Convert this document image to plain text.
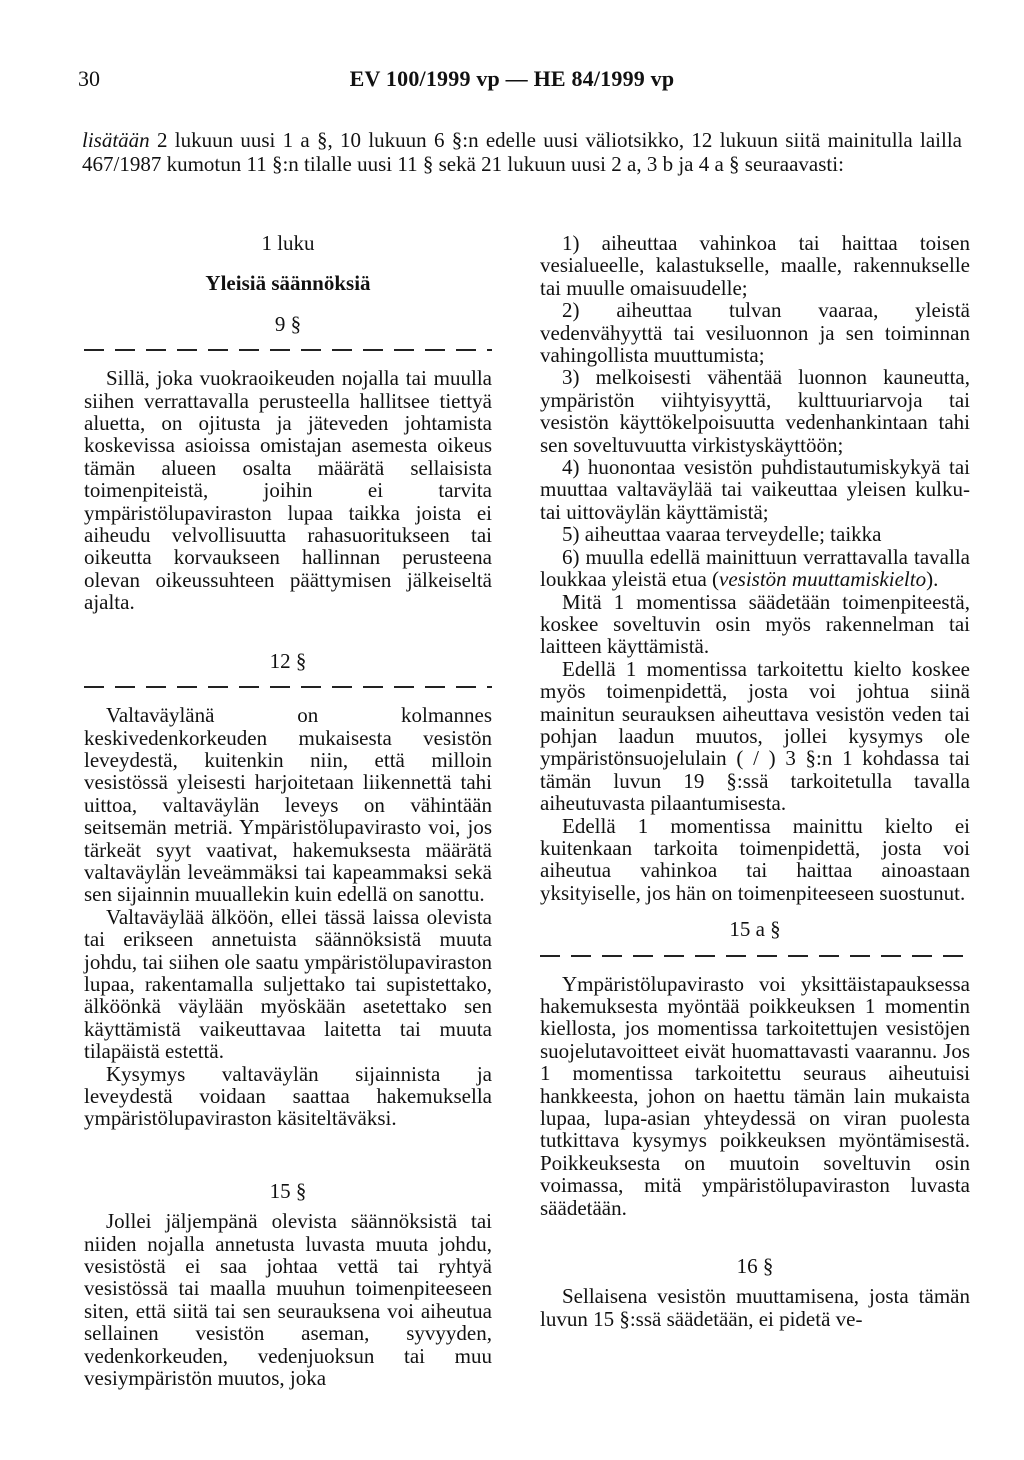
30	EV 100/1999 vp — HE 84/1999 vp
lisätään 2 lukuun uusi 1 a §, 10 lukuun 6 §:n edelle uusi väliotsikko, 12 lukuun siitä mainitulla lailla 467/1987 kumotun 11 §:n tilalle uusi 11 § sekä 21 lukuun uusi 2 a, 3 b ja 4 a § seuraavasti:
1 luku
Yleisiä säännöksiä
9 §

Sillä, joka vuokraoikeuden nojalla tai muulla siihen verrattavalla perusteella hallitsee tiettyä aluetta, on ojitusta ja jäteveden johtamista koskevissa asioissa omistajan asemesta oikeus tämän alueen osalta määrätä sellaisista toimenpiteistä, joihin ei tarvita ympäristölupaviraston lupaa taikka joista ei aiheudu velvollisuutta rahasuoritukseen tai oikeutta korvaukseen hallinnan perusteena olevan oikeussuhteen päättymisen jälkeiseltä ajalta.

12 §

Valtaväylänä on kolmannes keskivedenkorkeuden mukaisesta vesistön leveydestä, kuitenkin niin, että milloin vesistössä yleisesti harjoitetaan liikennettä tahi uittoa, valtaväylän leveys on vähintään seitsemän metriä. Ympäristölupavirasto voi, jos tärkeät syyt vaativat, hakemuksesta määrätä valtaväylän leveämmäksi tai kapeammaksi sekä sen sijainnin muuallekin kuin edellä on sanottu.

Valtaväylää älköön, ellei tässä laissa olevista tai erikseen annetuista säännöksistä muuta johdu, tai siihen ole saatu ympäristölupaviraston lupaa, rakentamalla suljettako tai supistettako, älköönkä väylään myöskään asetettako sen käyttämistä vaikeuttavaa laitetta tai muuta tilapäistä estettä.

Kysymys valtaväylän sijainnista ja leveydestä voidaan saattaa hakemuksella ympäristölupaviraston käsiteltäväksi.

15 §

Jollei jäljempänä olevista säännöksistä tai niiden nojalla annetusta luvasta muuta johdu, vesistöstä ei saa johtaa vettä tai ryhtyä vesistössä tai maalla muuhun toimenpiteeseen siten, että siitä tai sen seurauksena voi aiheutua sellainen vesistön aseman, syvyyden, vedenkorkeuden, vedenjuoksun tai muu vesiympäristön muutos, joka

1) aiheuttaa vahinkoa tai haittaa toisen vesialueelle, kalastukselle, maalle, rakennukselle tai muulle omaisuudelle;

2) aiheuttaa tulvan vaaraa, yleistä vedenvähyyttä tai vesiluonnon ja sen toiminnan vahingollista muuttumista;

3) melkoisesti vähentää luonnon kauneutta, ympäristön viihtyisyyttä, kulttuuriarvoja tai vesistön käyttökelpoisuutta vedenhankintaan tahi sen soveltuvuutta virkistyskäyttöön;

4) huonontaa vesistön puhdistautumiskykyä tai muuttaa valtaväylää tai vaikeuttaa yleisen kulku- tai uittoväylän käyttämistä;

5) aiheuttaa vaaraa terveydelle; taikka

6) muulla edellä mainittuun verrattavalla tavalla loukkaa yleistä etua (vesistön muuttamiskielto).

Mitä 1 momentissa säädetään toimenpiteestä, koskee soveltuvin osin myös rakennelman tai laitteen käyttämistä.

Edellä 1 momentissa tarkoitettu kielto koskee myös toimenpidettä, josta voi johtua siinä mainitun seurauksen aiheuttava vesistön veden tai pohjan laadun muutos, jollei kysymys ole ympäristönsuojelulain ( / ) 3 §:n 1 kohdassa tai tämän luvun 19 §:ssä tarkoitetulla tavalla aiheutuvasta pilaantumisesta.

Edellä 1 momentissa mainittu kielto ei kuitenkaan tarkoita toimenpidettä, josta voi aiheutua vahinkoa tai haittaa ainoastaan yksityiselle, jos hän on toimenpiteeseen suostunut.

15 a §

Ympäristölupavirasto voi yksittäistapauksessa hakemuksesta myöntää poikkeuksen 1 momentin kiellosta, jos momentissa tarkoitettujen vesistöjen suojelutavoitteet eivät huomattavasti vaarannu. Jos 1 momentissa tarkoitettu seuraus aiheutuisi hankkeesta, johon on haettu tämän lain mukaista lupaa, lupa-asian yhteydessä on viran puolesta tutkittava kysymys poikkeuksen myöntämisestä. Poikkeuksesta on muutoin soveltuvin osin voimassa, mitä ympäristölupaviraston luvasta säädetään.

16 §

Sellaisena vesistön muuttamisena, josta tämän luvun 15 §:ssä säädetään, ei pidetä ve-
